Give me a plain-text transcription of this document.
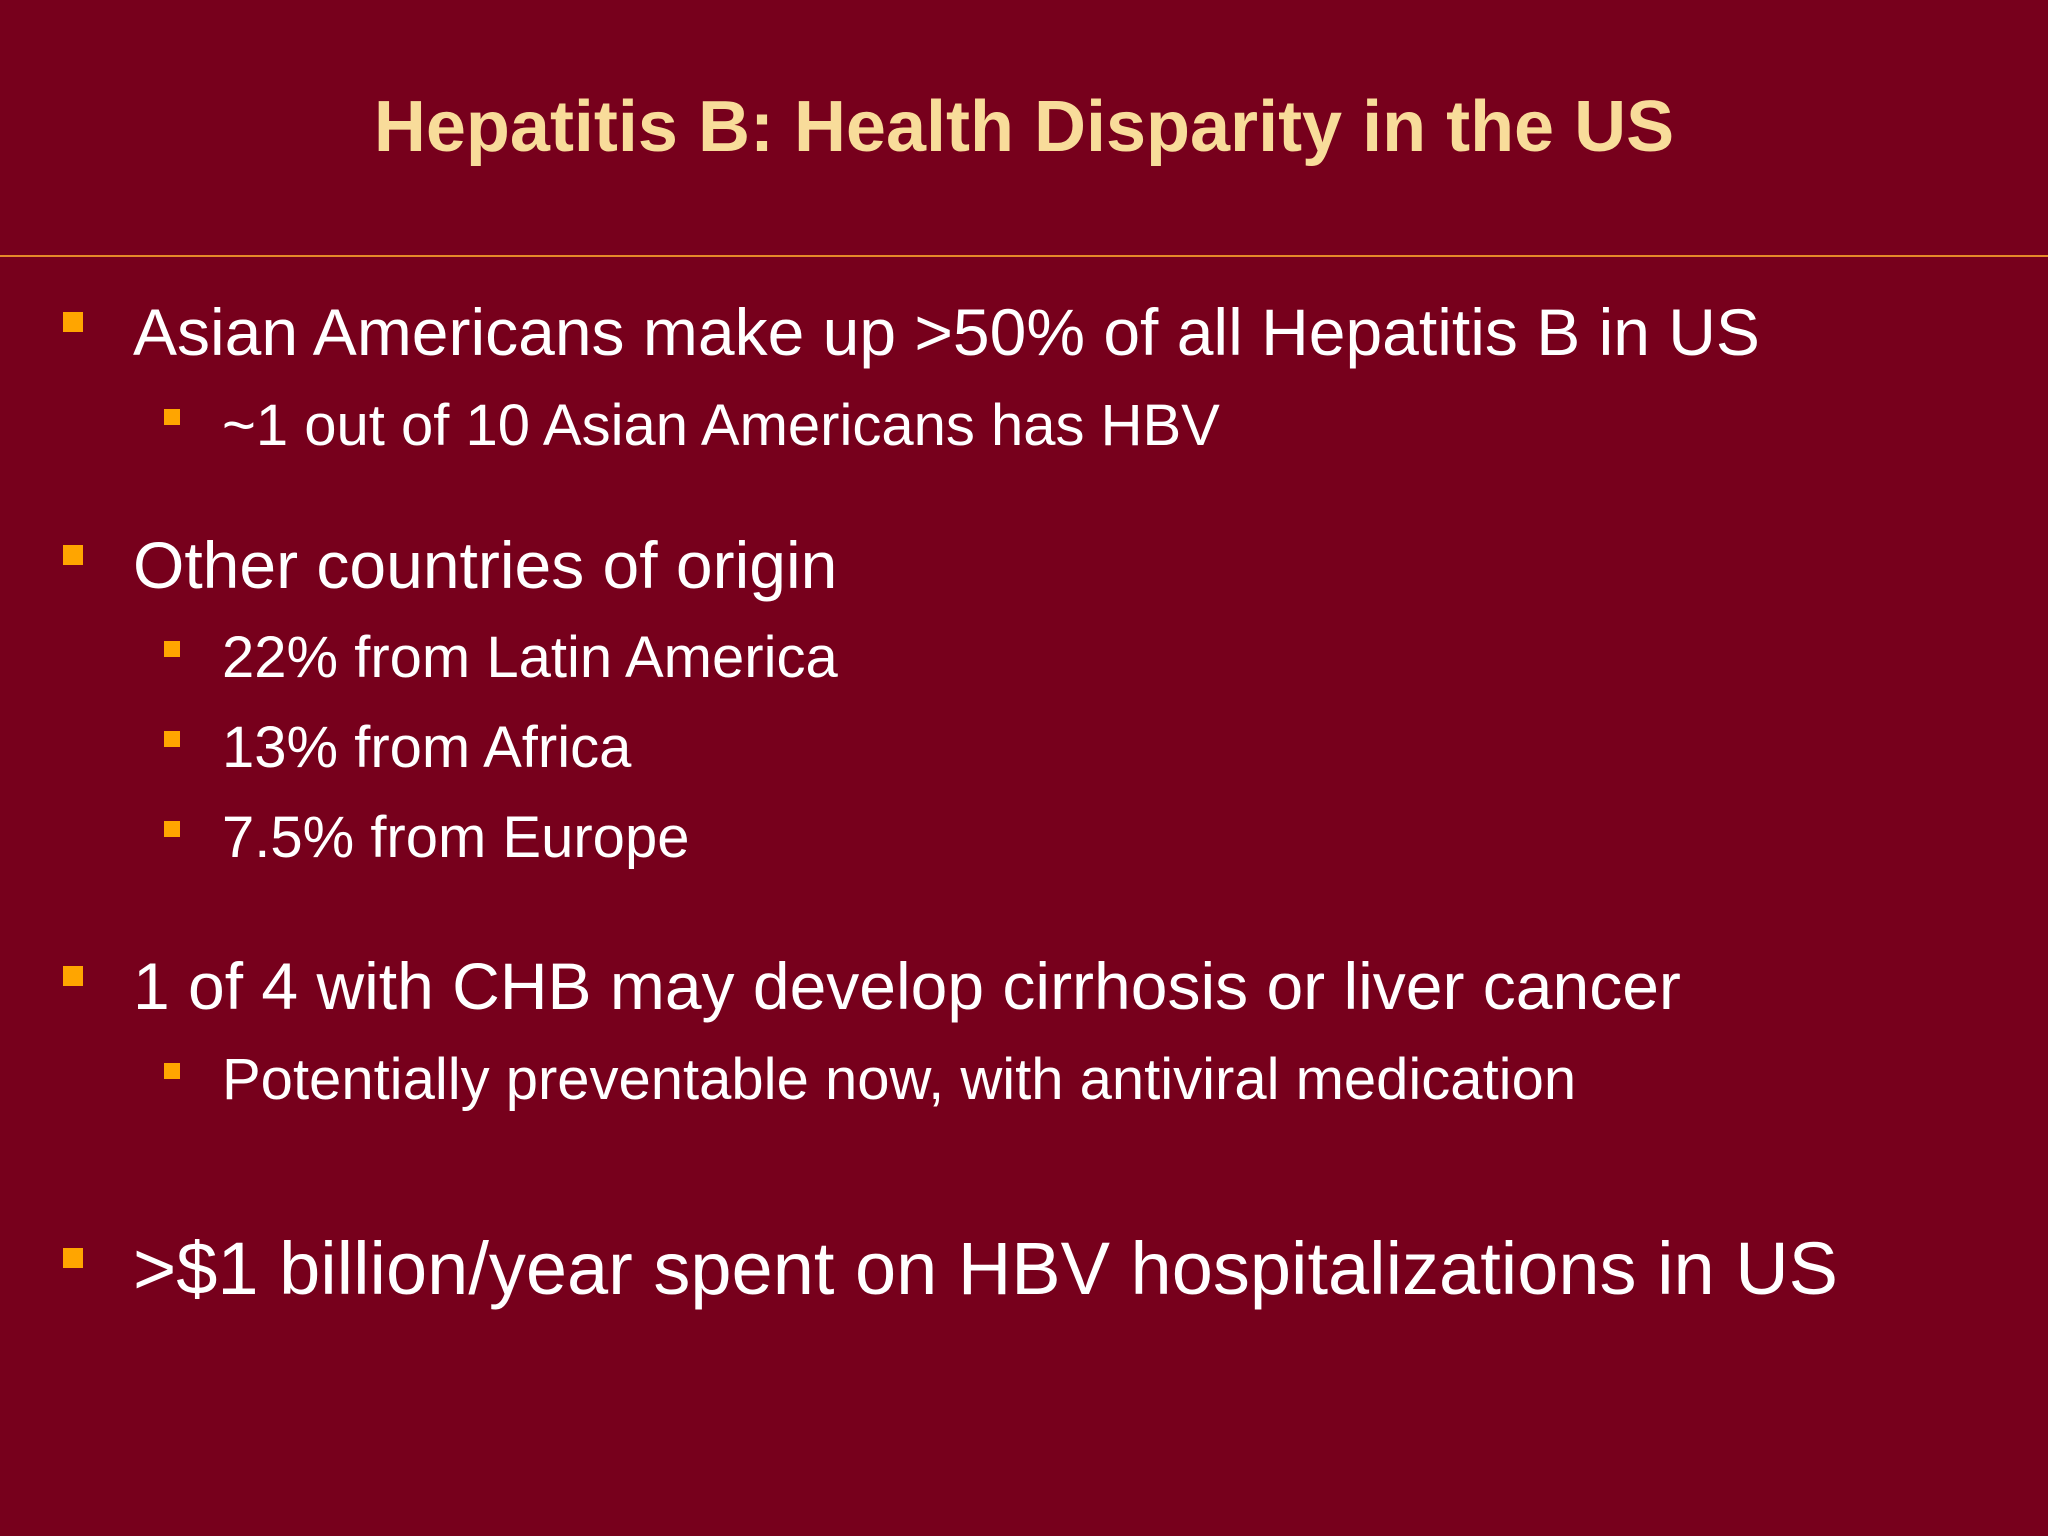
Hepatitis B: Health Disparity in the US
Asian Americans make up >50% of all Hepatitis B in US
~1 out of 10 Asian Americans has HBV
Other countries of origin
22% from Latin America
13% from Africa
7.5% from Europe
1 of 4 with CHB may develop cirrhosis or liver cancer
Potentially preventable now, with antiviral medication
>$1 billion/year spent on HBV hospitalizations in US
